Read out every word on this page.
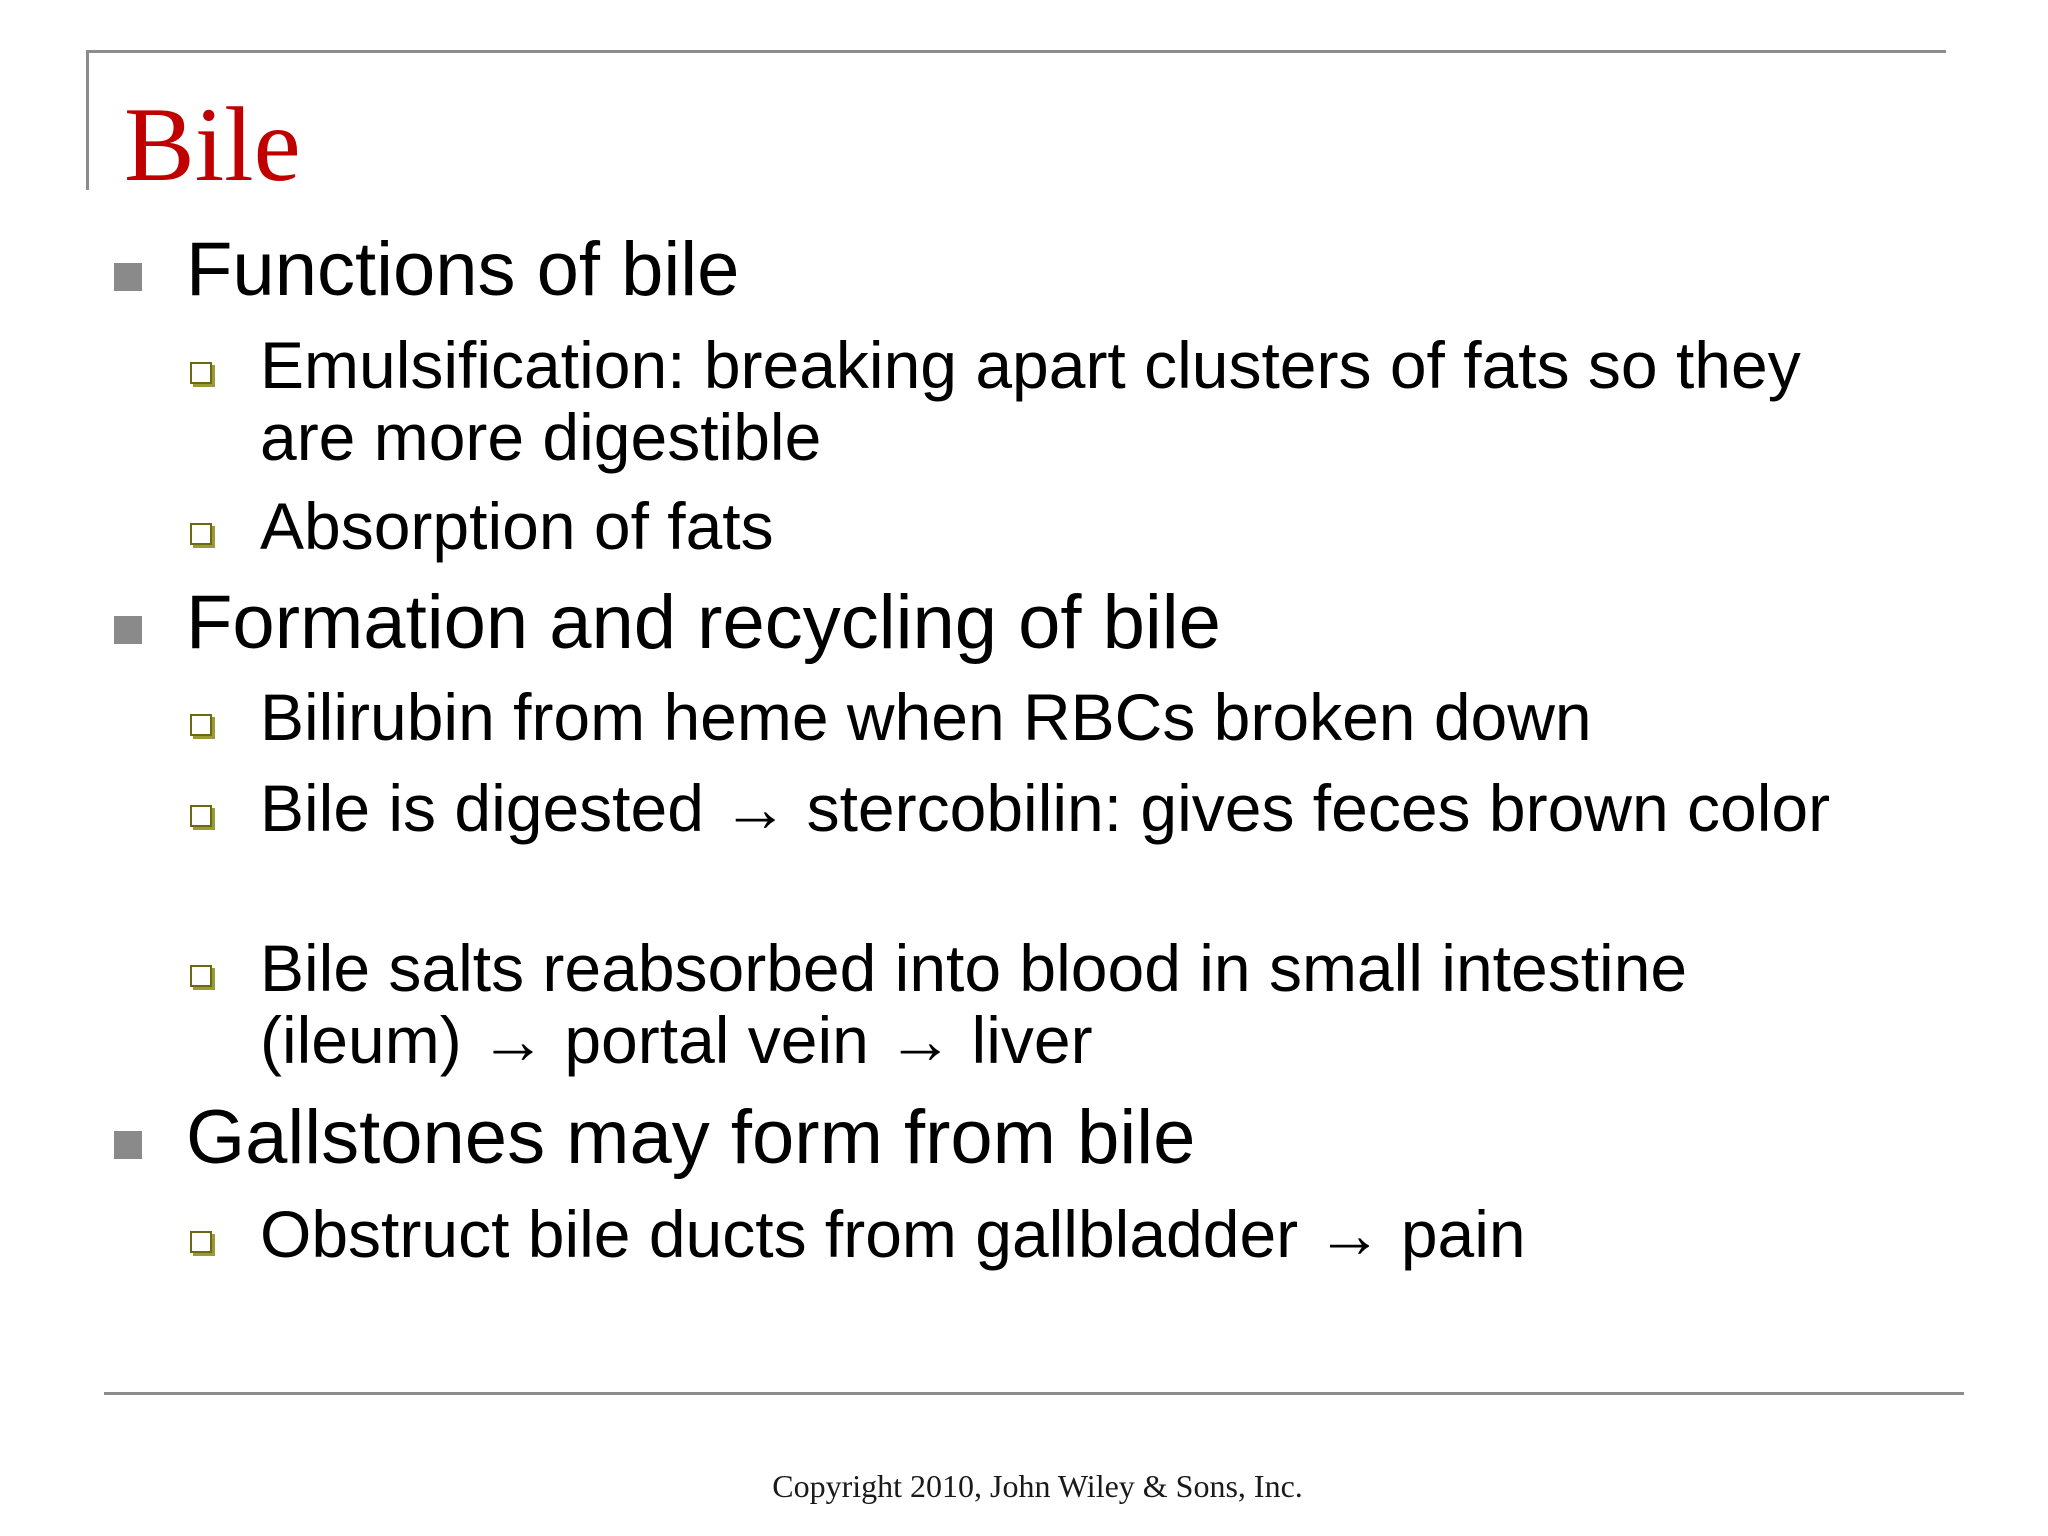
Bile

Functions of bile

Emulsification: breaking apart clusters of fats so they are more digestible

Absorption of fats

Formation and recycling of bile

Bilirubin from heme when RBCs broken down

Bile is digested → stercobilin: gives feces brown color

Bile salts reabsorbed into blood in small intestine (ileum) → portal vein → liver

Gallstones may form from bile

Obstruct bile ducts from gallbladder → pain

Copyright 2010, John Wiley & Sons, Inc.
